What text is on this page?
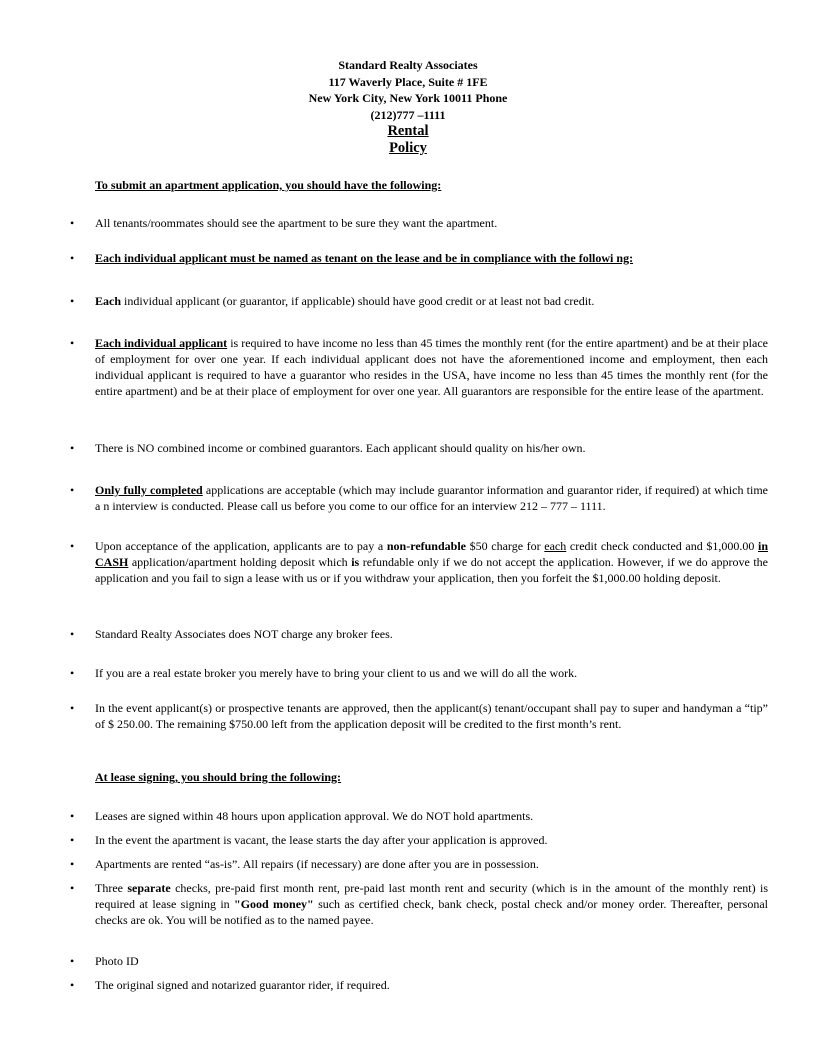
Standard Realty Associates
117 Waverly Place, Suite # 1FE
New York City, New York 10011 Phone
(212)777 –1111
Rental
Policy
To submit an apartment application, you should have the following:
• All tenants/roommates should see the apartment to be sure they want the apartment.
• Each individual applicant must be named as tenant on the lease and be in compliance with the followi ng:
• Each individual applicant (or guarantor, if applicable) should have good credit or at least not bad credit.
• Each individual applicant is required to have income no less than 45 times the monthly rent (for the entire apartment) and be at their place of employment for over one year. If each individual applicant does not have the aforementioned income and employment, then each individual applicant is required to have a guarantor who resides in the USA, have income no less than 45 times the monthly rent (for the entire apartment) and be at their place of employment for over one year. All guarantors are responsible for the entire lease of the apartment.
• There is NO combined income or combined guarantors. Each applicant should quality on his/her own.
• Only fully completed applications are acceptable (which may include guarantor information and guarantor rider, if required) at which time a n interview is conducted. Please call us before you come to our office for an interview 212 – 777 – 1111.
• Upon acceptance of the application, applicants are to pay a non-refundable $50 charge for each credit check conducted and $1,000.00 in CASH application/apartment holding deposit which is refundable only if we do not accept the application. However, if we do approve the application and you fail to sign a lease with us or if you withdraw your application, then you forfeit the $1,000.00 holding deposit.
• Standard Realty Associates does NOT charge any broker fees.
• If you are a real estate broker you merely have to bring your client to us and we will do all the work.
• In the event applicant(s) or prospective tenants are approved, then the applicant(s) tenant/occupant shall pay to super and handyman a “tip” of $ 250.00. The remaining $750.00 left from the application deposit will be credited to the first month’s rent.
At lease signing, you should bring the following:
• Leases are signed within 48 hours upon application approval. We do NOT hold apartments.
• In the event the apartment is vacant, the lease starts the day after your application is approved.
• Apartments are rented “as-is”. All repairs (if necessary) are done after you are in possession.
• Three separate checks, pre-paid first month rent, pre-paid last month rent and security (which is in the amount of the monthly rent) is required at lease signing in "Good money" such as certified check, bank check, postal check and/or money order. Thereafter, personal checks are ok. You will be notified as to the named payee.
• Photo ID
• The original signed and notarized guarantor rider, if required.
